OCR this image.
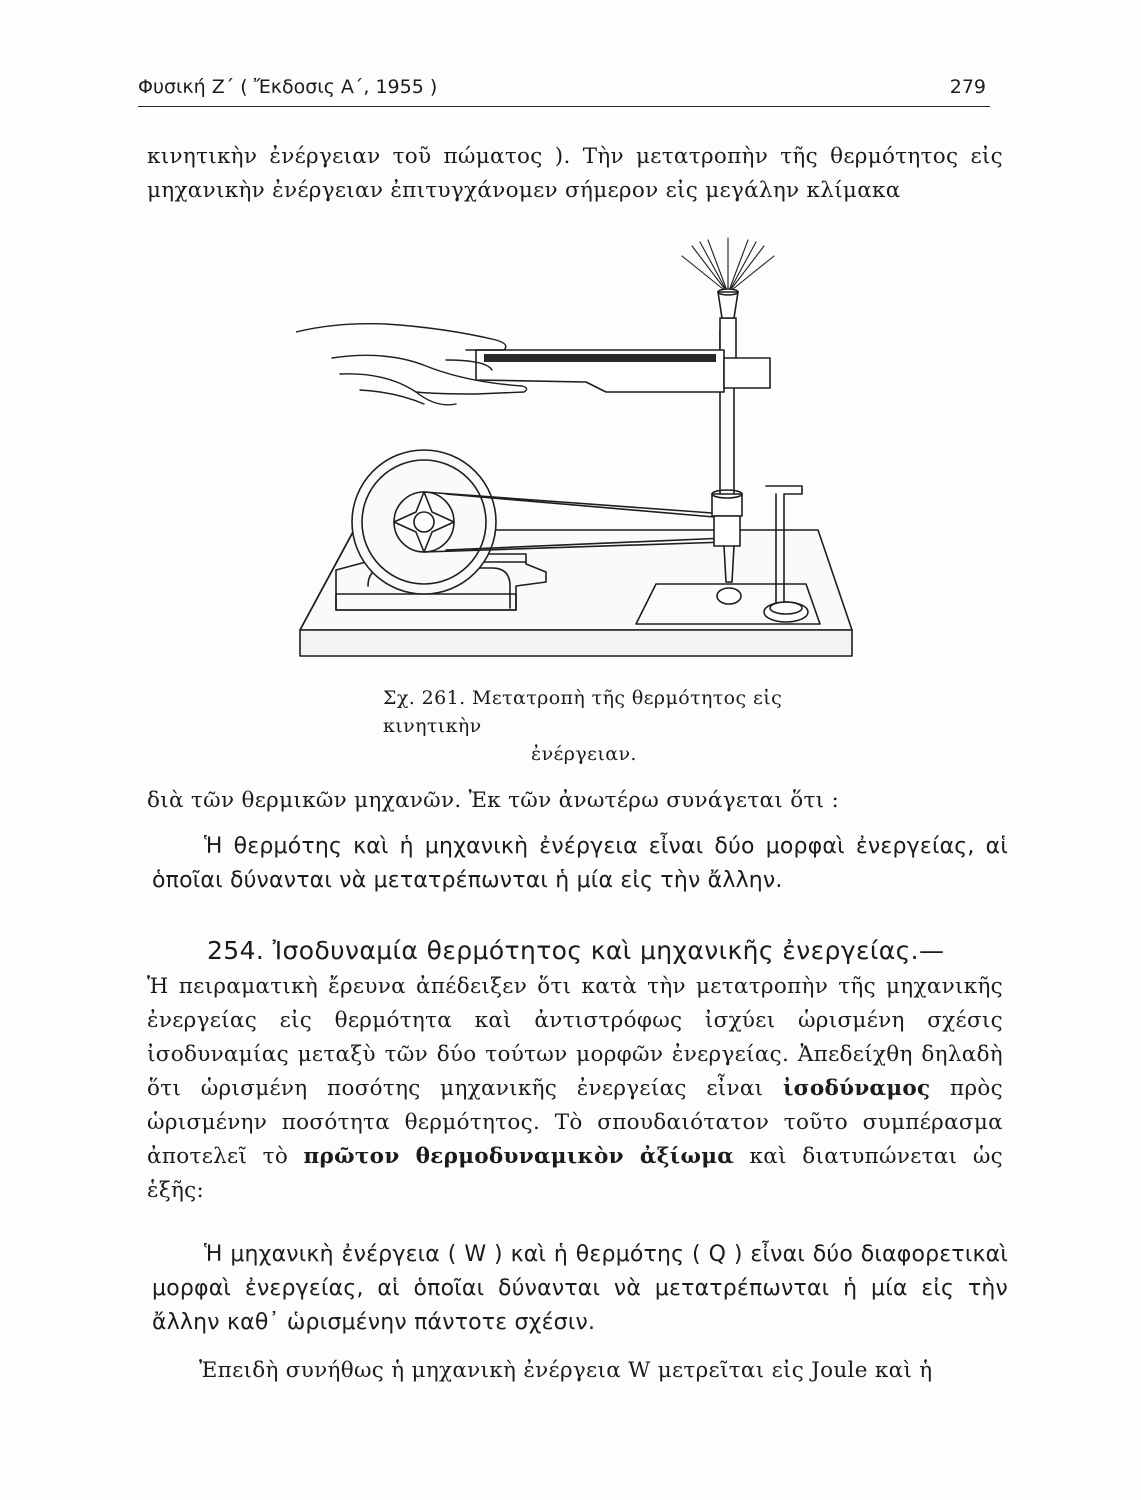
Φυσική Ζ΄ ( Ἔκδοσις Α΄, 1955 )	279

κινητικὴν ἐνέργειαν τοῦ πώματος ). Τὴν μετατροπὴν τῆς θερμότητος εἰς μηχανικὴν ἐνέργειαν ἐπιτυγχάνομεν σήμερον εἰς μεγάλην κλίμακα

Σχ. 261. Μετατροπὴ τῆς θερμότητος εἰς κινητικὴν
ἐνέργειαν.

διὰ τῶν θερμικῶν μηχανῶν. Ἐκ τῶν ἀνωτέρω συνάγεται ὅτι :

Ἡ θερμότης καὶ ἡ μηχανικὴ ἐνέργεια εἶναι δύο μορφαὶ ἐνεργείας, αἱ ὁποῖαι δύνανται νὰ μετατρέπωνται ἡ μία εἰς τὴν ἄλλην.

254. Ἰσοδυναμία θερμότητος καὶ μηχανικῆς ἐνεργείας.—
Ἡ πειραματικὴ ἔρευνα ἀπέδειξεν ὅτι κατὰ τὴν μετατροπὴν τῆς μηχανικῆς ἐνεργείας εἰς θερμότητα καὶ ἀντιστρόφως ἰσχύει ὡρισμένη σχέσις ἰσοδυναμίας μεταξὺ τῶν δύο τούτων μορφῶν ἐνεργείας. Ἀπεδείχθη δηλαδὴ ὅτι ὡρισμένη ποσότης μηχανικῆς ἐνεργείας εἶναι ἰσοδύναμος πρὸς ὡρισμένην ποσότητα θερμότητος. Τὸ σπουδαιότατον τοῦτο συμπέρασμα ἀποτελεῖ τὸ πρῶτον θερμοδυναμικὸν ἀξίωμα καὶ διατυπώνεται ὡς ἑξῆς:

Ἡ μηχανικὴ ἐνέργεια ( W ) καὶ ἡ θερμότης ( Q ) εἶναι δύο διαφορετικαὶ μορφαὶ ἐνεργείας, αἱ ὁποῖαι δύνανται νὰ μετατρέπωνται ἡ μία εἰς τὴν ἄλλην καθ᾽ ὡρισμένην πάντοτε σχέσιν.

Ἐπειδὴ συνήθως ἡ μηχανικὴ ἐνέργεια W μετρεῖται εἰς Joule καὶ ἡ
